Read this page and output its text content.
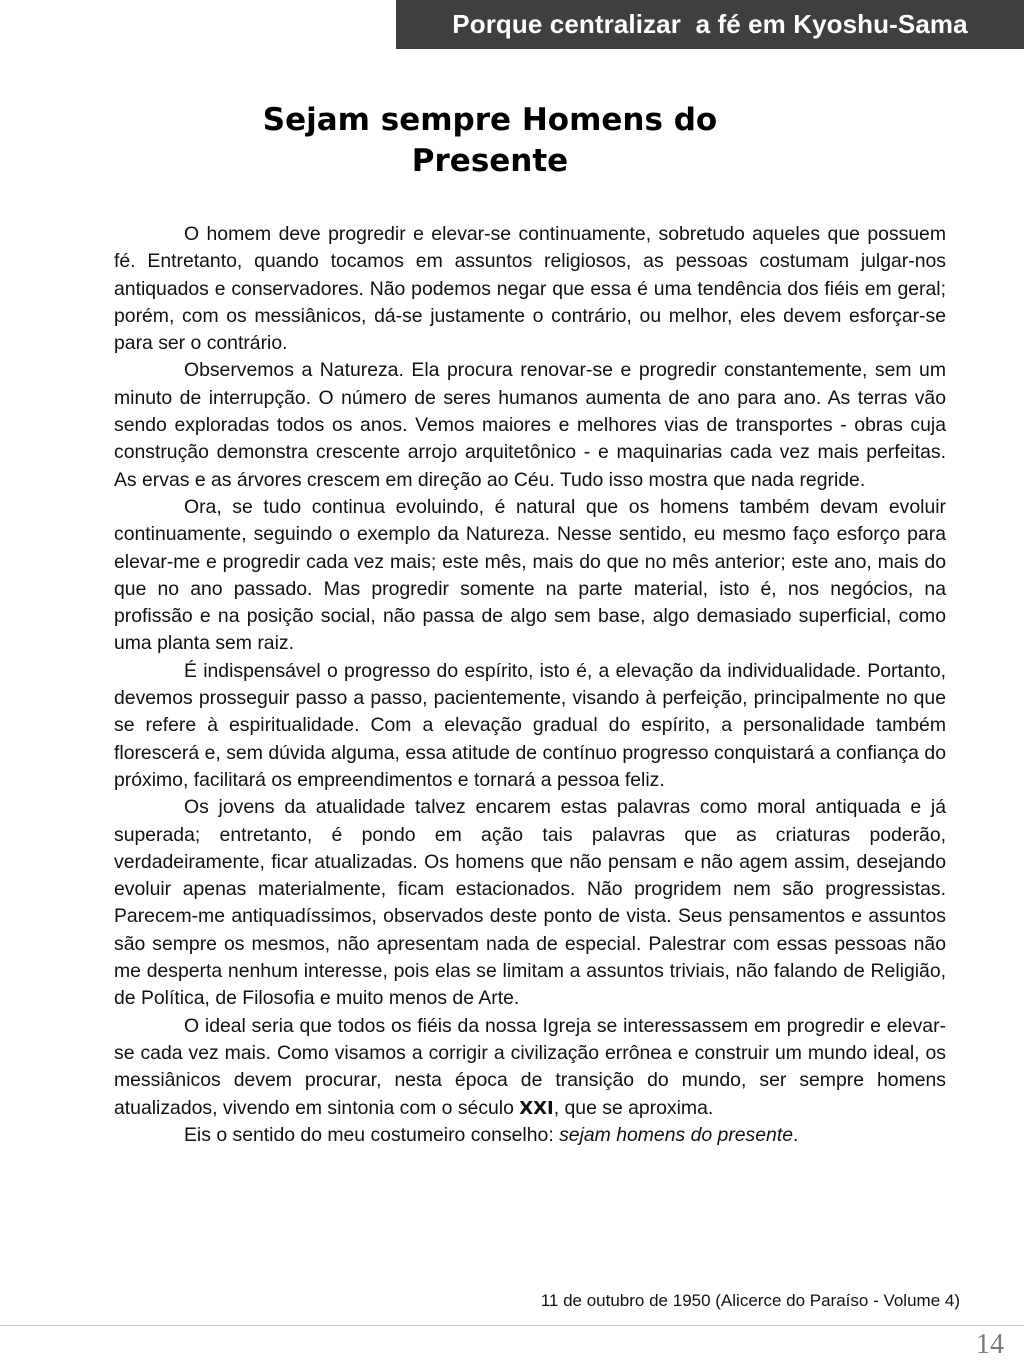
Porque centralizar  a fé em Kyoshu-Sama
Sejam sempre Homens do
Presente

O homem deve progredir e elevar-se continuamente, sobretudo aqueles que possuem fé. Entretanto, quando tocamos em assuntos religiosos, as pessoas costumam julgar-nos antiquados e conservadores. Não podemos negar que essa é uma tendência dos fiéis em geral; porém, com os messiânicos, dá-se justamente o contrário, ou melhor, eles devem esforçar-se para ser o contrário.

Observemos a Natureza. Ela procura renovar-se e progredir constantemente, sem um minuto de interrupção. O número de seres humanos aumenta de ano para ano. As terras vão sendo exploradas todos os anos. Vemos maiores e melhores vias de transportes - obras cuja construção demonstra crescente arrojo arquitetônico - e maquinarias cada vez mais perfeitas. As ervas e as árvores crescem em direção ao Céu. Tudo isso mostra que nada regride.

Ora, se tudo continua evoluindo, é natural que os homens também devam evoluir continuamente, seguindo o exemplo da Natureza. Nesse sentido, eu mesmo faço esforço para elevar-me e progredir cada vez mais; este mês, mais do que no mês anterior; este ano, mais do que no ano passado. Mas progredir somente na parte material, isto é, nos negócios, na profissão e na posição social, não passa de algo sem base, algo demasiado superficial, como uma planta sem raiz.

É indispensável o progresso do espírito, isto é, a elevação da individualidade. Portanto, devemos prosseguir passo a passo, pacientemente, visando à perfeição, principalmente no que se refere à espiritualidade. Com a elevação gradual do espírito, a personalidade também florescerá e, sem dúvida alguma, essa atitude de contínuo progresso conquistará a confiança do próximo, facilitará os empreendimentos e tornará a pessoa feliz.

Os jovens da atualidade talvez encarem estas palavras como moral antiquada e já superada; entretanto, é pondo em ação tais palavras que as criaturas poderão, verdadeiramente, ficar atualizadas. Os homens que não pensam e não agem assim, desejando evoluir apenas materialmente, ficam estacionados. Não progridem nem são progressistas. Parecem-me antiquadíssimos, observados deste ponto de vista. Seus pensamentos e assuntos são sempre os mesmos, não apresentam nada de especial. Palestrar com essas pessoas não me desperta nenhum interesse, pois elas se limitam a assuntos triviais, não falando de Religião, de Política, de Filosofia e muito menos de Arte.

O ideal seria que todos os fiéis da nossa Igreja se interessassem em progredir e elevar-se cada vez mais. Como visamos a corrigir a civilização errônea e construir um mundo ideal, os messiânicos devem procurar, nesta época de transição do mundo, ser sempre homens atualizados, vivendo em sintonia com o século XXI, que se aproxima.

Eis o sentido do meu costumeiro conselho: sejam homens do presente.

11 de outubro de 1950 (Alicerce do Paraíso - Volume 4)
14
